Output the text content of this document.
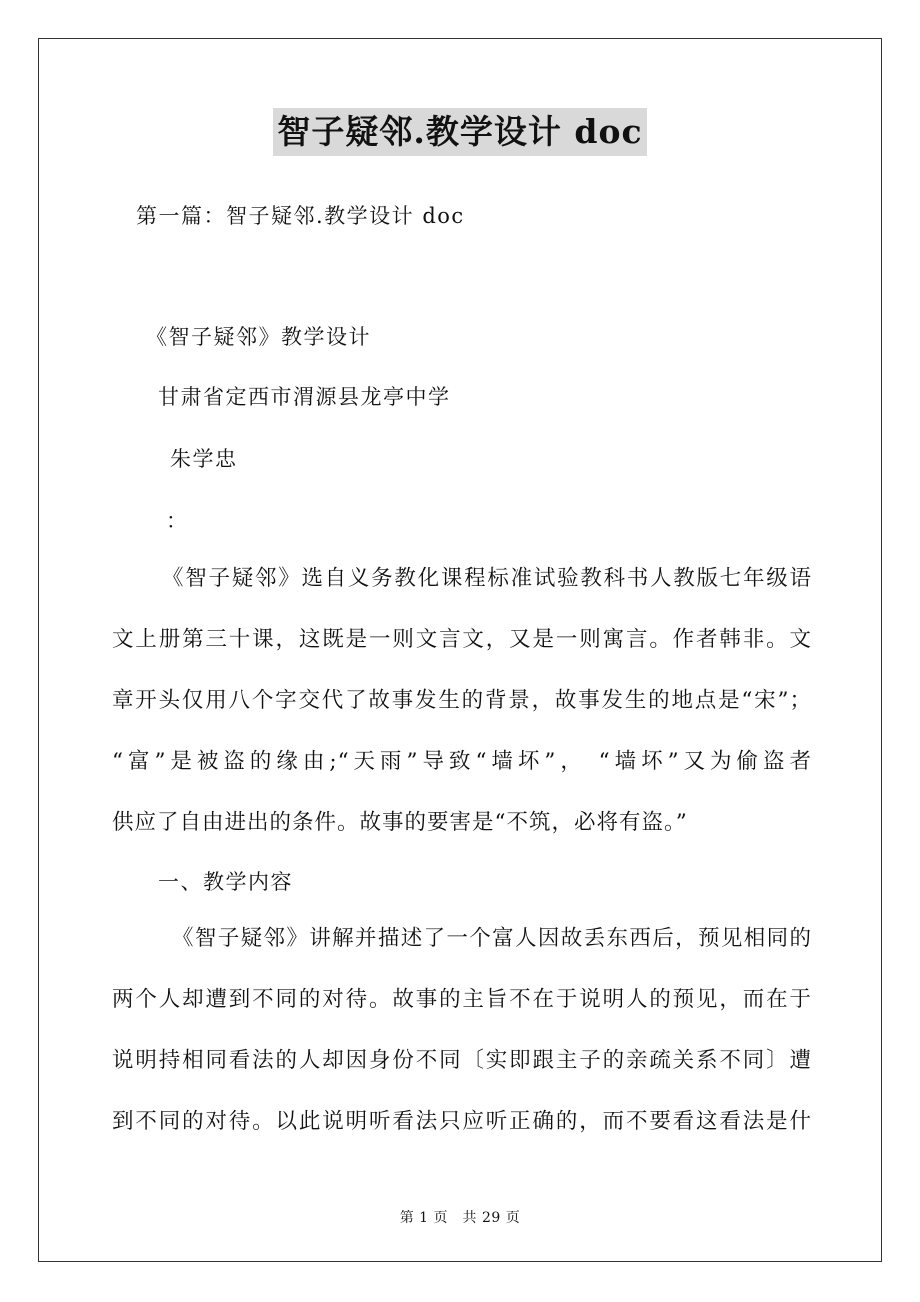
智子疑邻.教学设计 doc
第一篇：智子疑邻.教学设计 doc
《智子疑邻》教学设计
甘肃省定西市渭源县龙亭中学
朱学忠
：
《智子疑邻》选自义务教化课程标准试验教科书人教版七年级语
文上册第三十课，这既是一则文言文，又是一则寓言。作者韩非。文
章开头仅用八个字交代了故事发生的背景，故事发生的地点是“宋”；
“富”是被盗的缘由;“天雨”导致“墙坏”， “墙坏”又为偷盗者
供应了自由进出的条件。故事的要害是“不筑，必将有盗。”
一、教学内容
《智子疑邻》讲解并描述了一个富人因故丢东西后，预见相同的
两个人却遭到不同的对待。故事的主旨不在于说明人的预见，而在于
说明持相同看法的人却因身份不同〔实即跟主子的亲疏关系不同〕遭
到不同的对待。以此说明听看法只应听正确的，而不要看这看法是什
第 1 页　共 29 页
